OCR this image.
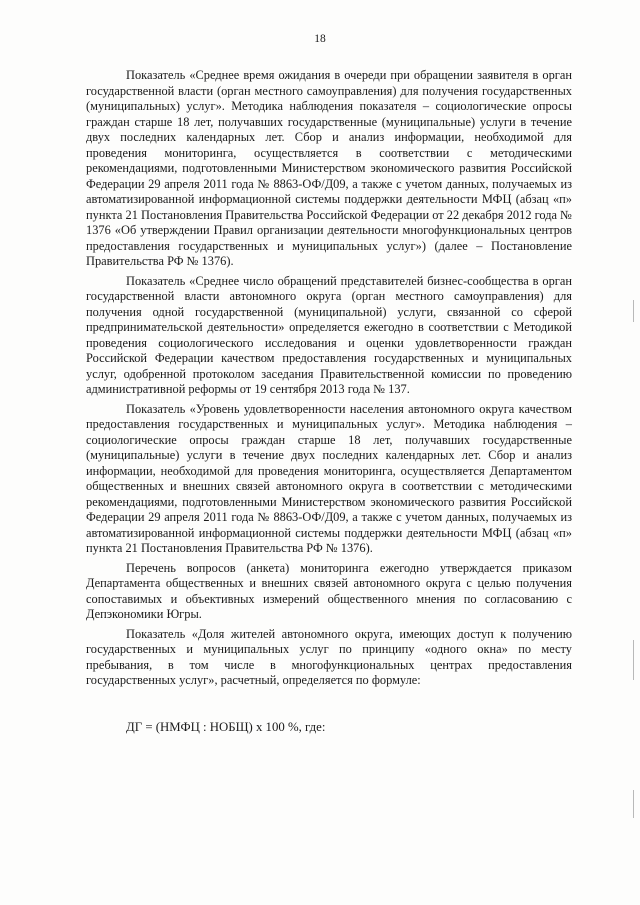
18

Показатель «Среднее время ожидания в очереди при обращении заявителя в орган государственной власти (орган местного самоуправления) для получения государственных (муниципальных) услуг». Методика наблюдения показателя – социологические опросы граждан старше 18 лет, получавших государственные (муниципальные) услуги в течение двух последних календарных лет. Сбор и анализ информации, необходимой для проведения мониторинга, осуществляется в соответствии с методическими рекомендациями, подготовленными Министерством экономического развития Российской Федерации 29 апреля 2011 года № 8863-ОФ/Д09, а также с учетом данных, получаемых из автоматизированной информационной системы поддержки деятельности МФЦ (абзац «п» пункта 21 Постановления Правительства Российской Федерации от 22 декабря 2012 года № 1376 «Об утверждении Правил организации деятельности многофункциональных центров предоставления государственных и муниципальных услуг») (далее – Постановление Правительства РФ № 1376).

Показатель «Среднее число обращений представителей бизнес-сообщества в орган государственной власти автономного округа (орган местного самоуправления) для получения одной государственной (муниципальной) услуги, связанной со сферой предпринимательской деятельности» определяется ежегодно в соответствии с Методикой проведения социологического исследования и оценки удовлетворенности граждан Российской Федерации качеством предоставления государственных и муниципальных услуг, одобренной протоколом заседания Правительственной комиссии по проведению административной реформы от 19 сентября 2013 года № 137.

Показатель «Уровень удовлетворенности населения автономного округа качеством предоставления государственных и муниципальных услуг». Методика наблюдения – социологические опросы граждан старше 18 лет, получавших государственные (муниципальные) услуги в течение двух последних календарных лет. Сбор и анализ информации, необходимой для проведения мониторинга, осуществляется Департаментом общественных и внешних связей автономного округа в соответствии с методическими рекомендациями, подготовленными Министерством экономического развития Российской Федерации 29 апреля 2011 года № 8863-ОФ/Д09, а также с учетом данных, получаемых из автоматизированной информационной системы поддержки деятельности МФЦ (абзац «п» пункта 21 Постановления Правительства РФ № 1376).

Перечень вопросов (анкета) мониторинга ежегодно утверждается приказом Департамента общественных и внешних связей автономного округа с целью получения сопоставимых и объективных измерений общественного мнения по согласованию с Депэкономики Югры.

Показатель «Доля жителей автономного округа, имеющих доступ к получению государственных и муниципальных услуг по принципу «одного окна» по месту пребывания, в том числе в многофункциональных центрах предоставления государственных услуг», расчетный, определяется по формуле:

ДГ = (НМФЦ : НОБЩ) х 100 %, где:
